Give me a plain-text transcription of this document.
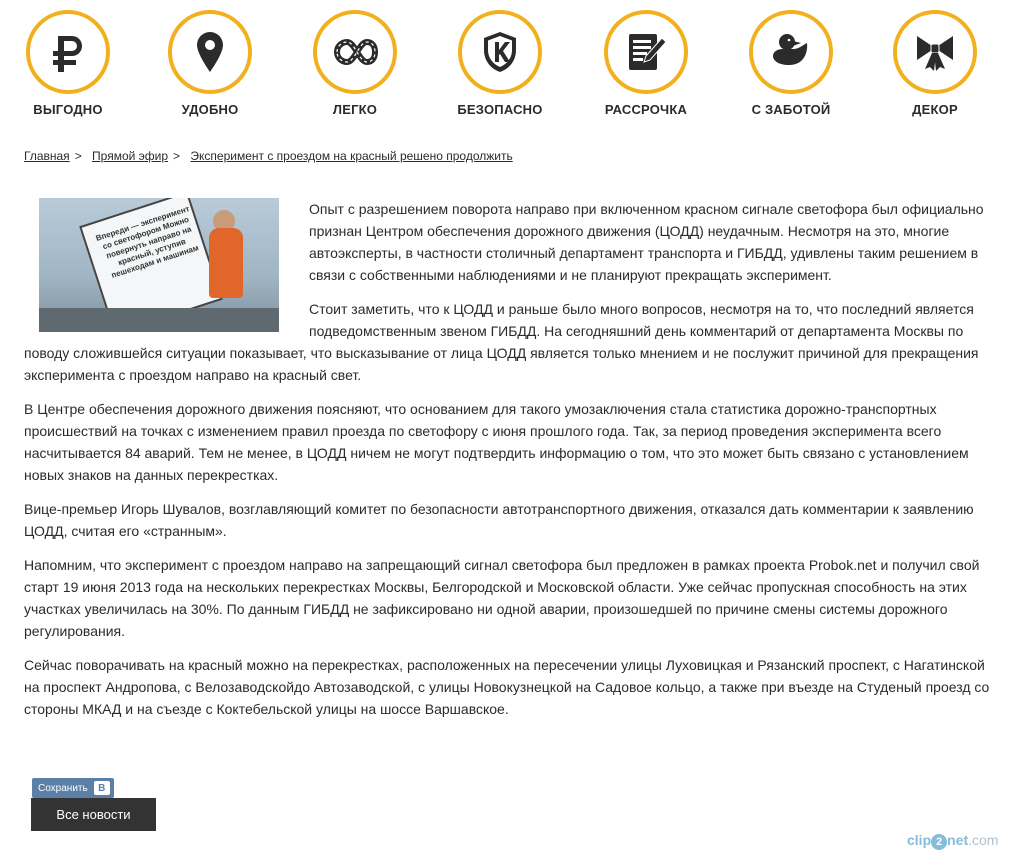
ВЫГОДНО	УДОБНО	ЛЕГКО	БЕЗОПАСНО	РАССРОЧКА	С ЗАБОТОЙ	ДЕКОР
Главная > Прямой эфир > Эксперимент с проездом на красный решено продолжить
Впереди — эксперимент со светофором Можно повернуть направо на красный, уступив пешеходам и машинам

Опыт с разрешением поворота направо при включенном красном сигнале светофора был официально признан Центром обеспечения дорожного движения (ЦОДД) неудачным. Несмотря на это, многие автоэксперты, в частности столичный департамент транспорта и ГИБДД, удивлены таким решением в связи с собственными наблюдениями и не планируют прекращать эксперимент.

Стоит заметить, что к ЦОДД и раньше было много вопросов, несмотря на то, что последний является подведомственным звеном ГИБДД. На сегодняшний день комментарий от департамента Москвы по поводу сложившейся ситуации показывает, что высказывание от лица ЦОДД является только мнением и не послужит причиной для прекращения эксперимента с проездом направо на красный свет.

В Центре обеспечения дорожного движения поясняют, что основанием для такого умозаключения стала статистика дорожно-транспортных происшествий на точках с изменением правил проезда по светофору с июня прошлого года. Так, за период проведения эксперимента всего насчитывается 84 аварий. Тем не менее, в ЦОДД ничем не могут подтвердить информацию о том, что это может быть связано с установлением новых знаков на данных перекрестках.

Вице-премьер Игорь Шувалов, возглавляющий комитет по безопасности автотранспортного движения, отказался дать комментарии к заявлению ЦОДД, считая его «странным».

Напомним, что эксперимент с проездом направо на запрещающий сигнал светофора был предложен в рамках проекта Probok.net и получил свой старт 19 июня 2013 года на нескольких перекрестках Москвы, Белгородской и Московской области. Уже сейчас пропускная способность на этих участках увеличилась на 30%. По данным ГИБДД не зафиксировано ни одной аварии, произошедшей по причине смены системы дорожного регулирования.

Сейчас поворачивать на красный можно на перекрестках, расположенных на пересечении улицы Луховицкая и Рязанский проспект, с Нагатинской на проспект Андропова, с Велозаводскойдо Автозаводской, с улицы Новокузнецкой на Садовое кольцо, а также при въезде на Студеный проезд со стороны МКАД и на съезде с Коктебельской улицы на шоссе Варшавское.

Сохранить	В
Все новости
clip 2 net.com
